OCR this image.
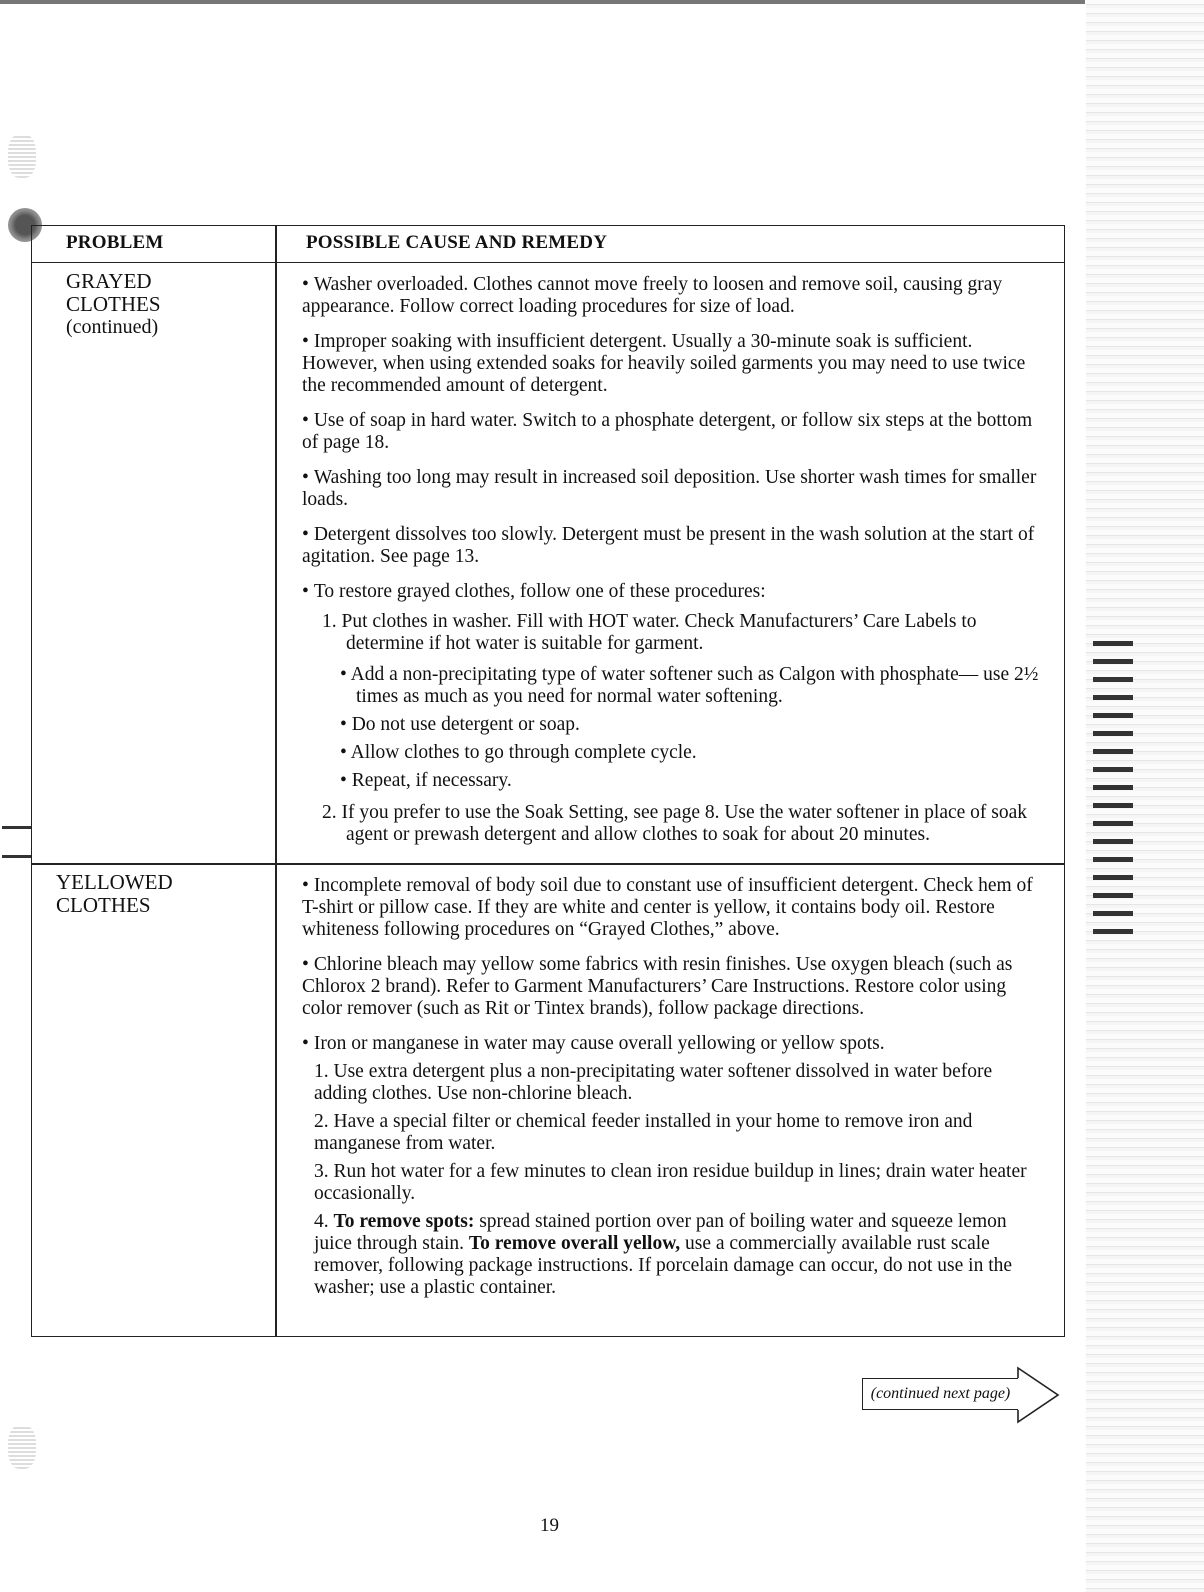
PROBLEM	POSSIBLE CAUSE AND REMEDY
GRAYED
CLOTHES
(continued)
• Washer overloaded. Clothes cannot move freely to loosen and remove soil, causing gray appearance. Follow correct loading procedures for size of load.
• Improper soaking with insufficient detergent. Usually a 30-minute soak is sufficient. However, when using extended soaks for heavily soiled garments you may need to use twice the recommended amount of detergent.
• Use of soap in hard water. Switch to a phosphate detergent, or follow six steps at the bottom of page 18.
• Washing too long may result in increased soil deposition. Use shorter wash times for smaller loads.
• Detergent dissolves too slowly. Detergent must be present in the wash solution at the start of agitation. See page 13.
• To restore grayed clothes, follow one of these procedures:
1. Put clothes in washer. Fill with HOT water. Check Manufacturers’ Care Labels to determine if hot water is suitable for garment.
• Add a non-precipitating type of water softener such as Calgon with phosphate— use 2½ times as much as you need for normal water softening.
• Do not use detergent or soap.
• Allow clothes to go through complete cycle.
• Repeat, if necessary.
2. If you prefer to use the Soak Setting, see page 8. Use the water softener in place of soak agent or prewash detergent and allow clothes to soak for about 20 minutes.
YELLOWED
CLOTHES
• Incomplete removal of body soil due to constant use of insufficient detergent. Check hem of T-shirt or pillow case. If they are white and center is yellow, it contains body oil. Restore whiteness following procedures on “Grayed Clothes,” above.
• Chlorine bleach may yellow some fabrics with resin finishes. Use oxygen bleach (such as Chlorox 2 brand). Refer to Garment Manufacturers’ Care Instructions. Restore color using color remover (such as Rit or Tintex brands), follow package directions.
• Iron or manganese in water may cause overall yellowing or yellow spots.
1. Use extra detergent plus a non-precipitating water softener dissolved in water before adding clothes. Use non-chlorine bleach.
2. Have a special filter or chemical feeder installed in your home to remove iron and manganese from water.
3. Run hot water for a few minutes to clean iron residue buildup in lines; drain water heater occasionally.
4. To remove spots: spread stained portion over pan of boiling water and squeeze lemon juice through stain. To remove overall yellow, use a commercially available rust scale remover, following package instructions. If porcelain damage can occur, do not use in the washer; use a plastic container.
(continued next page)
19
